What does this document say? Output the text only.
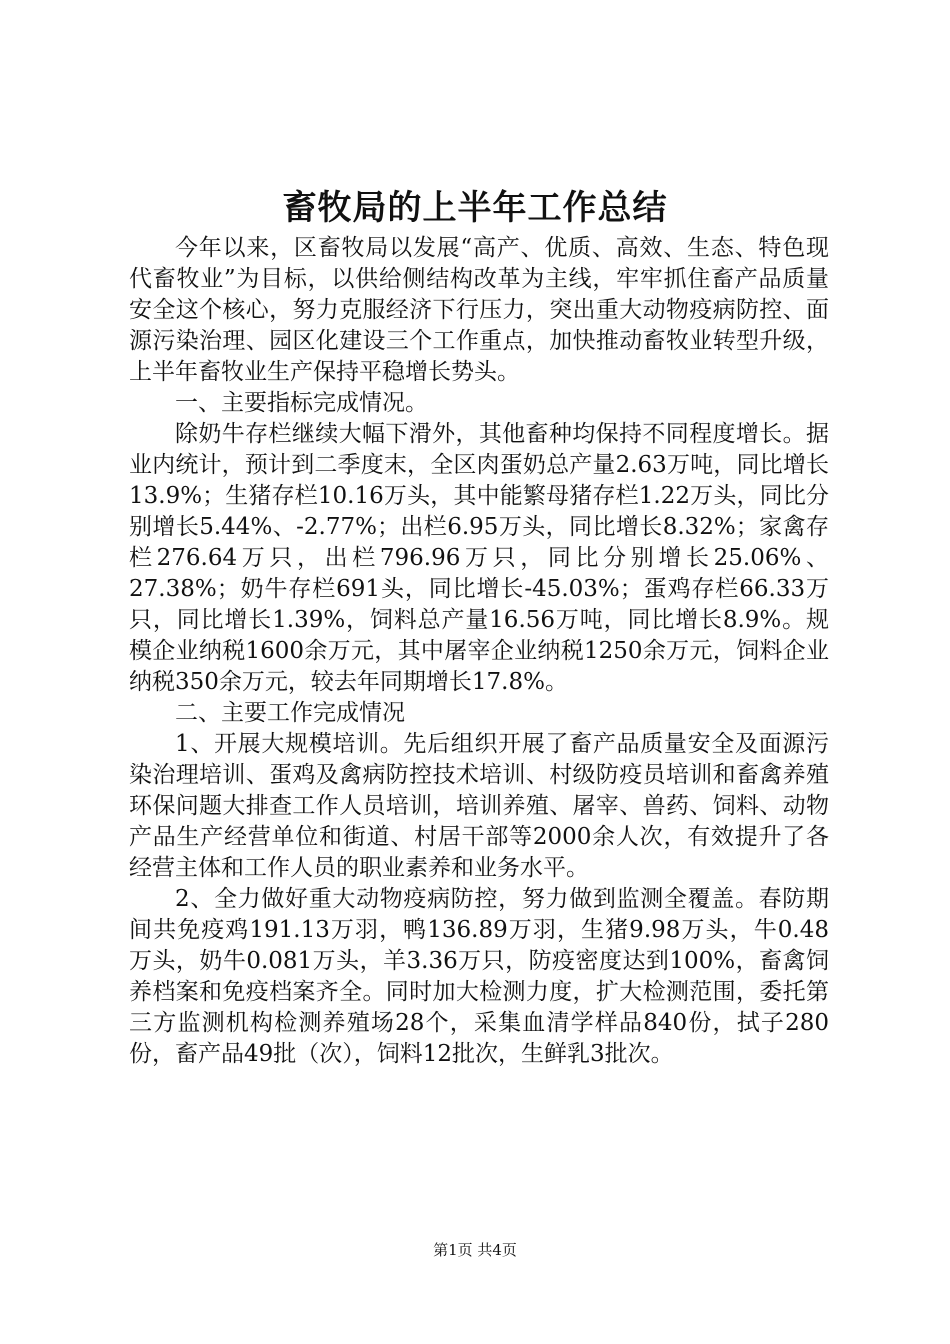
畜牧局的上半年工作总结

今年以来，区畜牧局以发展“高产、优质、高效、生态、特色现代畜牧业”为目标，以供给侧结构改革为主线，牢牢抓住畜产品质量安全这个核心，努力克服经济下行压力，突出重大动物疫病防控、面源污染治理、园区化建设三个工作重点，加快推动畜牧业转型升级，上半年畜牧业生产保持平稳增长势头。

一、主要指标完成情况。

除奶牛存栏继续大幅下滑外，其他畜种均保持不同程度增长。据业内统计，预计到二季度末，全区肉蛋奶总产量2.63万吨，同比增长13.9%；生猪存栏10.16万头，其中能繁母猪存栏1.22万头，同比分别增长5.44%、-2.77%；出栏6.95万头，同比增长8.32%；家禽存栏276.64万只，出栏796.96万只，同比分别增长25.06%、27.38%；奶牛存栏691头，同比增长-45.03%；蛋鸡存栏66.33万只，同比增长1.39%，饲料总产量16.56万吨，同比增长8.9%。规模企业纳税1600余万元，其中屠宰企业纳税1250余万元，饲料企业纳税350余万元，较去年同期增长17.8%。

二、主要工作完成情况

1、开展大规模培训。先后组织开展了畜产品质量安全及面源污染治理培训、蛋鸡及禽病防控技术培训、村级防疫员培训和畜禽养殖环保问题大排查工作人员培训，培训养殖、屠宰、兽药、饲料、动物产品生产经营单位和街道、村居干部等2000余人次，有效提升了各经营主体和工作人员的职业素养和业务水平。

2、全力做好重大动物疫病防控，努力做到监测全覆盖。春防期间共免疫鸡191.13万羽，鸭136.89万羽，生猪9.98万头，牛0.48万头，奶牛0.081万头，羊3.36万只，防疫密度达到100%，畜禽饲养档案和免疫档案齐全。同时加大检测力度，扩大检测范围，委托第三方监测机构检测养殖场28个，采集血清学样品840份，拭子280份，畜产品49批（次），饲料12批次，生鲜乳3批次。

第1页 共4页
